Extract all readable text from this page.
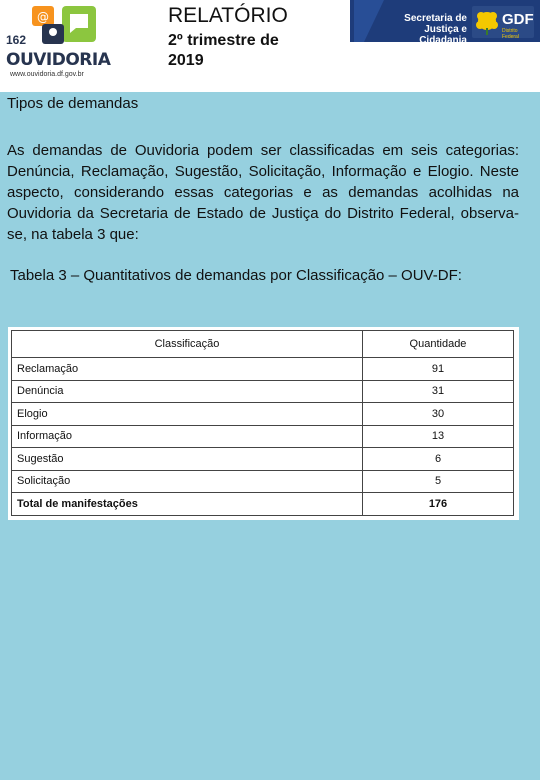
@
162
OUVIDORIA
www.ouvidoria.df.gov.br
RELATÓRIO
2º trimestre de 2019
Secretaria de Justiça e Cidadania
GDF
Distrito Federal
Tipos de demandas
As demandas de Ouvidoria podem ser classificadas em seis categorias: Denúncia, Reclamação, Sugestão, Solicitação, Informação e Elogio. Neste aspecto, considerando essas categorias e as demandas acolhidas na Ouvidoria da Secretaria de Estado de Justiça do Distrito Federal, observa-se, na tabela 3 que:
Tabela 3 – Quantitativos de demandas por Classificação – OUV-DF:
Classificação	Quantidade
Reclamação	91
Denúncia	31
Elogio	30
Informação	13
Sugestão	6
Solicitação	5
Total de manifestações	176
